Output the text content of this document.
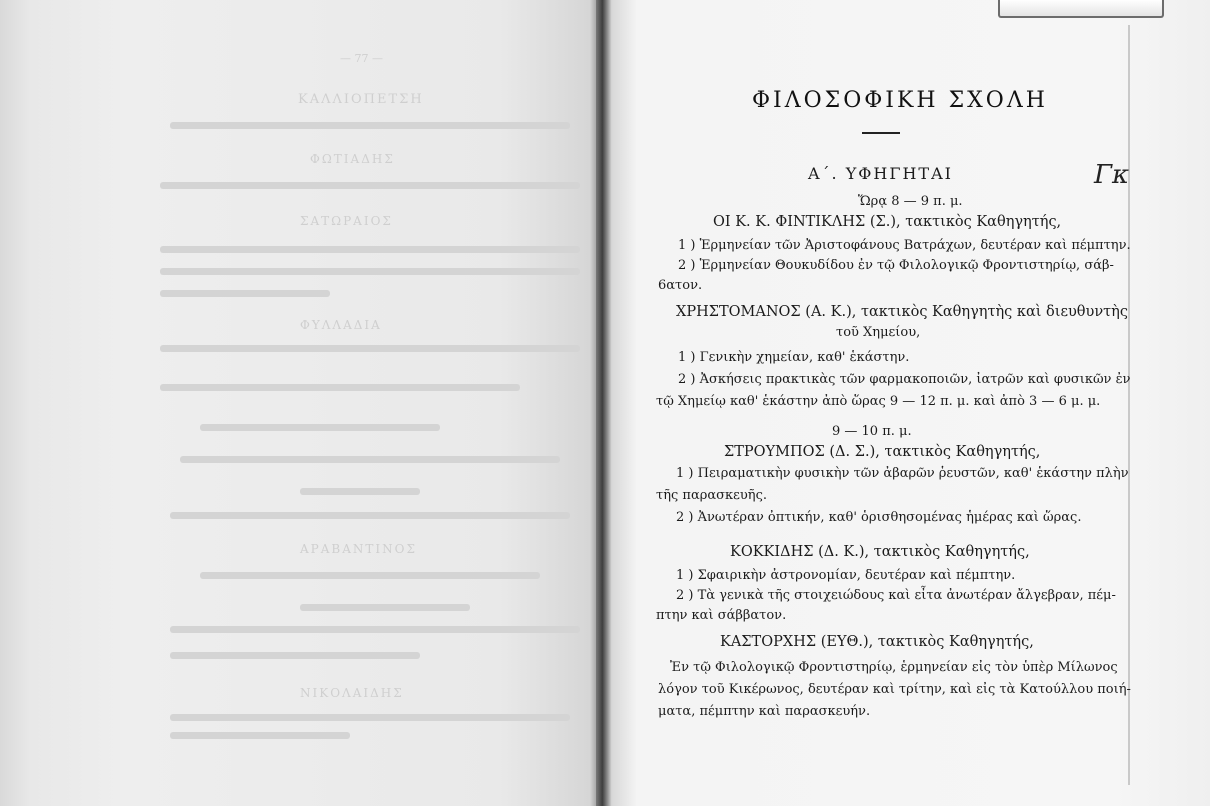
— 77 —
ΚΑΛΛΙΟΠΕΤΣΗ
ΦΩΤΙΑΔΗΣ
ΣΑΤΩΡΑΙΟΣ
ΦΥΛΛΑΔΙΑ
ΑΡΑΒΑΝΤΙΝΟΣ
ΝΙΚΟΛΑΙΔΗΣ
ΦΙΛΟΣΟΦΙΚΗ ΣΧΟΛΗ
Α΄. ΥΦΗΓΗΤΑΙ	Γκ
Ὥρᾳ 8 — 9 π. μ.
ΟΙ Κ. Κ. ΦΙΝΤΙΚΛΗΣ (Σ.), τακτικὸς Καθηγητής,
1 ) Ἑρμηνείαν τῶν Ἀριστοφάνους Βατράχων, δευτέραν καὶ πέμπτην.
2 ) Ἑρμηνείαν Θουκυδίδου ἐν τῷ Φιλολογικῷ Φροντιστηρίῳ, σάβ-
6ατον.
ΧΡΗΣΤΟΜΑΝΟΣ (Α. Κ.), τακτικὸς Καθηγητὴς καὶ διευθυντὴς
τοῦ Χημείου,
1 ) Γενικὴν χημείαν, καθ' ἑκάστην.
2 ) Ἀσκήσεις πρακτικὰς τῶν φαρμακοποιῶν, ἰατρῶν καὶ φυσικῶν ἐν
τῷ Χημείῳ καθ' ἑκάστην ἀπὸ ὥρας 9 — 12 π. μ. καὶ ἀπὸ 3 — 6 μ. μ.
9 — 10 π. μ.
ΣΤΡΟΥΜΠΟΣ (Δ. Σ.), τακτικὸς Καθηγητής,
1 ) Πειραματικὴν φυσικὴν τῶν ἀβαρῶν ῥευστῶν, καθ' ἑκάστην πλὴν
τῆς παρασκευῆς.
2 ) Ἀνωτέραν ὀπτικήν, καθ' ὁρισθησομένας ἡμέρας καὶ ὥρας.
ΚΟΚΚΙΔΗΣ (Δ. Κ.), τακτικὸς Καθηγητής,
1 ) Σφαιρικὴν ἀστρονομίαν, δευτέραν καὶ πέμπτην.
2 ) Τὰ γενικὰ τῆς στοιχειώδους καὶ εἶτα ἀνωτέραν ἄλγεβραν, πέμ-
πτην καὶ σάββατον.
ΚΑΣΤΟΡΧΗΣ (ΕΥΘ.), τακτικὸς Καθηγητής,
Ἐν τῷ Φιλολογικῷ Φροντιστηρίῳ, ἑρμηνείαν εἰς τὸν ὑπὲρ Μίλωνος
λόγον τοῦ Κικέρωνος, δευτέραν καὶ τρίτην, καὶ εἰς τὰ Κατούλλου ποιή-
ματα, πέμπτην καὶ παρασκευήν.
